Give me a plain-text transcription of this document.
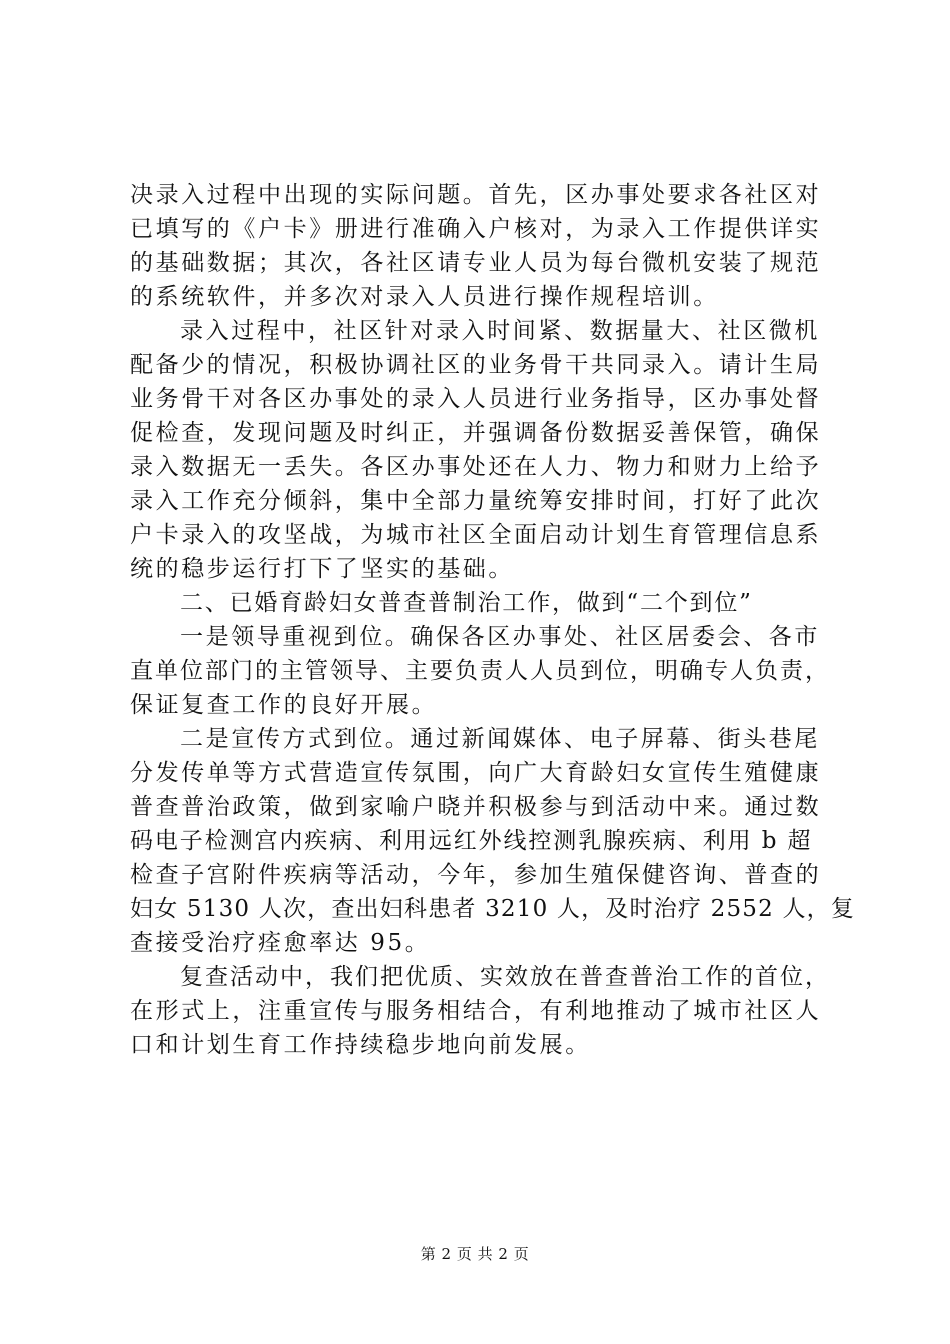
决录入过程中出现的实际问题。首先，区办事处要求各社区对
已填写的《户卡》册进行准确入户核对，为录入工作提供详实
的基础数据；其次，各社区请专业人员为每台微机安装了规范
的系统软件，并多次对录入人员进行操作规程培训。
录入过程中，社区针对录入时间紧、数据量大、社区微机
配备少的情况，积极协调社区的业务骨干共同录入。请计生局
业务骨干对各区办事处的录入人员进行业务指导，区办事处督
促检查，发现问题及时纠正，并强调备份数据妥善保管，确保
录入数据无一丢失。各区办事处还在人力、物力和财力上给予
录入工作充分倾斜，集中全部力量统筹安排时间，打好了此次
户卡录入的攻坚战，为城市社区全面启动计划生育管理信息系
统的稳步运行打下了坚实的基础。
二、已婚育龄妇女普查普制治工作，做到“二个到位”
一是领导重视到位。确保各区办事处、社区居委会、各市
直单位部门的主管领导、主要负责人人员到位，明确专人负责，
保证复查工作的良好开展。
二是宣传方式到位。通过新闻媒体、电子屏幕、街头巷尾
分发传单等方式营造宣传氛围，向广大育龄妇女宣传生殖健康
普查普治政策，做到家喻户晓并积极参与到活动中来。通过数
码电子检测宫内疾病、利用远红外线控测乳腺疾病、利用 b 超
检查子宫附件疾病等活动，今年，参加生殖保健咨询、普查的
妇女 5130 人次，查出妇科患者 3210 人，及时治疗 2552 人，复
查接受治疗痊愈率达 95。
复查活动中，我们把优质、实效放在普查普治工作的首位，
在形式上，注重宣传与服务相结合，有利地推动了城市社区人
口和计划生育工作持续稳步地向前发展。
第 2 页 共 2 页
